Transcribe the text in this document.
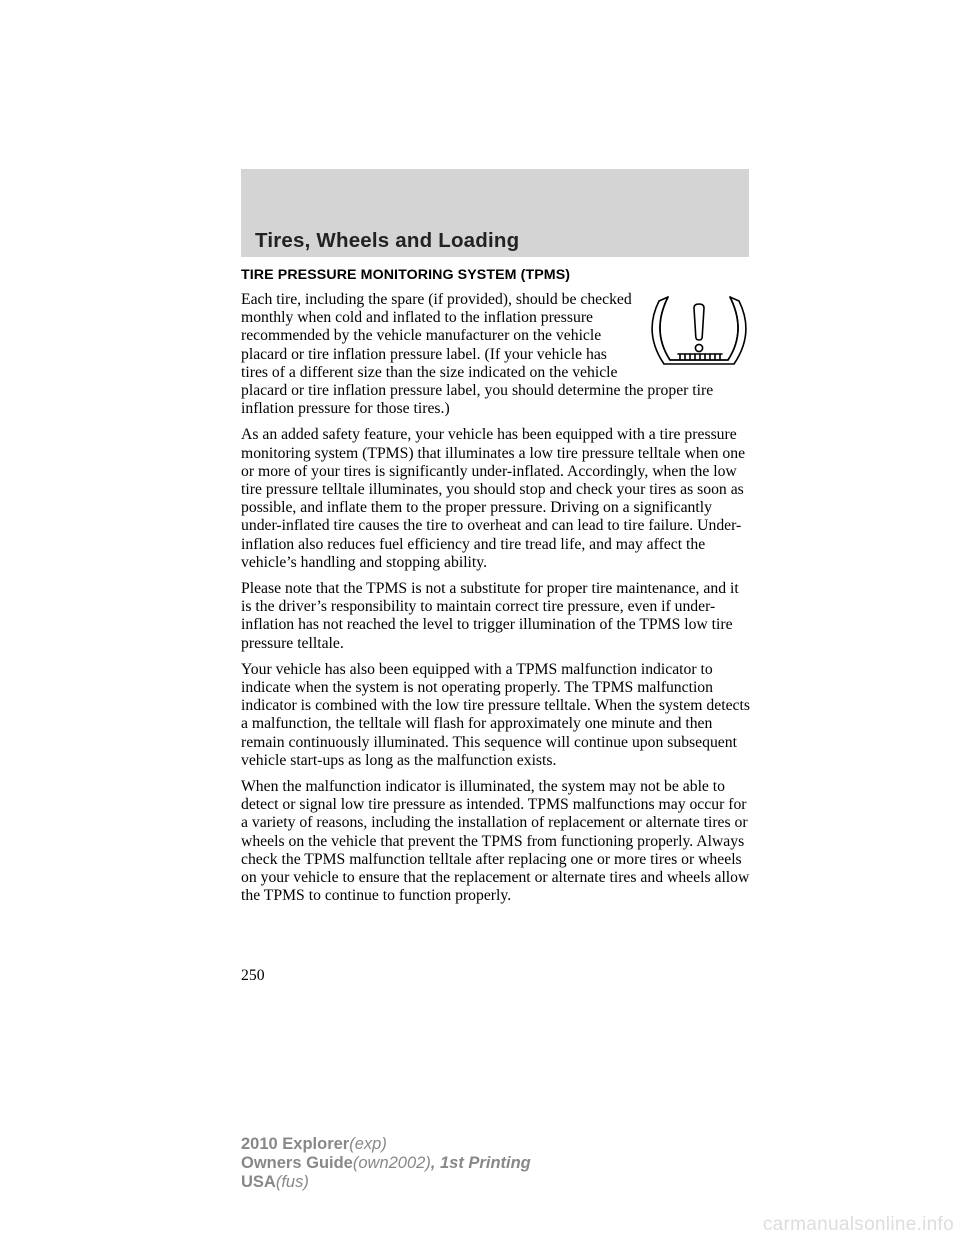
Tires, Wheels and Loading
TIRE PRESSURE MONITORING SYSTEM (TPMS)

Each tire, including the spare (if provided), should be checked monthly when cold and inflated to the inflation pressure recommended by the vehicle manufacturer on the vehicle placard or tire inflation pressure label. (If your vehicle has tires of a different size than the size indicated on the vehicle placard or tire inflation pressure label, you should determine the proper tire inflation pressure for those tires.)

As an added safety feature, your vehicle has been equipped with a tire pressure monitoring system (TPMS) that illuminates a low tire pressure telltale when one or more of your tires is significantly under-inflated. Accordingly, when the low tire pressure telltale illuminates, you should stop and check your tires as soon as possible, and inflate them to the proper pressure. Driving on a significantly under-inflated tire causes the tire to overheat and can lead to tire failure. Under-inflation also reduces fuel efficiency and tire tread life, and may affect the vehicle’s handling and stopping ability.

Please note that the TPMS is not a substitute for proper tire maintenance, and it is the driver’s responsibility to maintain correct tire pressure, even if under-inflation has not reached the level to trigger illumination of the TPMS low tire pressure telltale.

Your vehicle has also been equipped with a TPMS malfunction indicator to indicate when the system is not operating properly. The TPMS malfunction indicator is combined with the low tire pressure telltale. When the system detects a malfunction, the telltale will flash for approximately one minute and then remain continuously illuminated. This sequence will continue upon subsequent vehicle start-ups as long as the malfunction exists.

When the malfunction indicator is illuminated, the system may not be able to detect or signal low tire pressure as intended. TPMS malfunctions may occur for a variety of reasons, including the installation of replacement or alternate tires or wheels on the vehicle that prevent the TPMS from functioning properly. Always check the TPMS malfunction telltale after replacing one or more tires or wheels on your vehicle to ensure that the replacement or alternate tires and wheels allow the TPMS to continue to function properly.

250
2010 Explorer(exp)
Owners Guide(own2002), 1st Printing
USA(fus)
carmanualsonline.info
